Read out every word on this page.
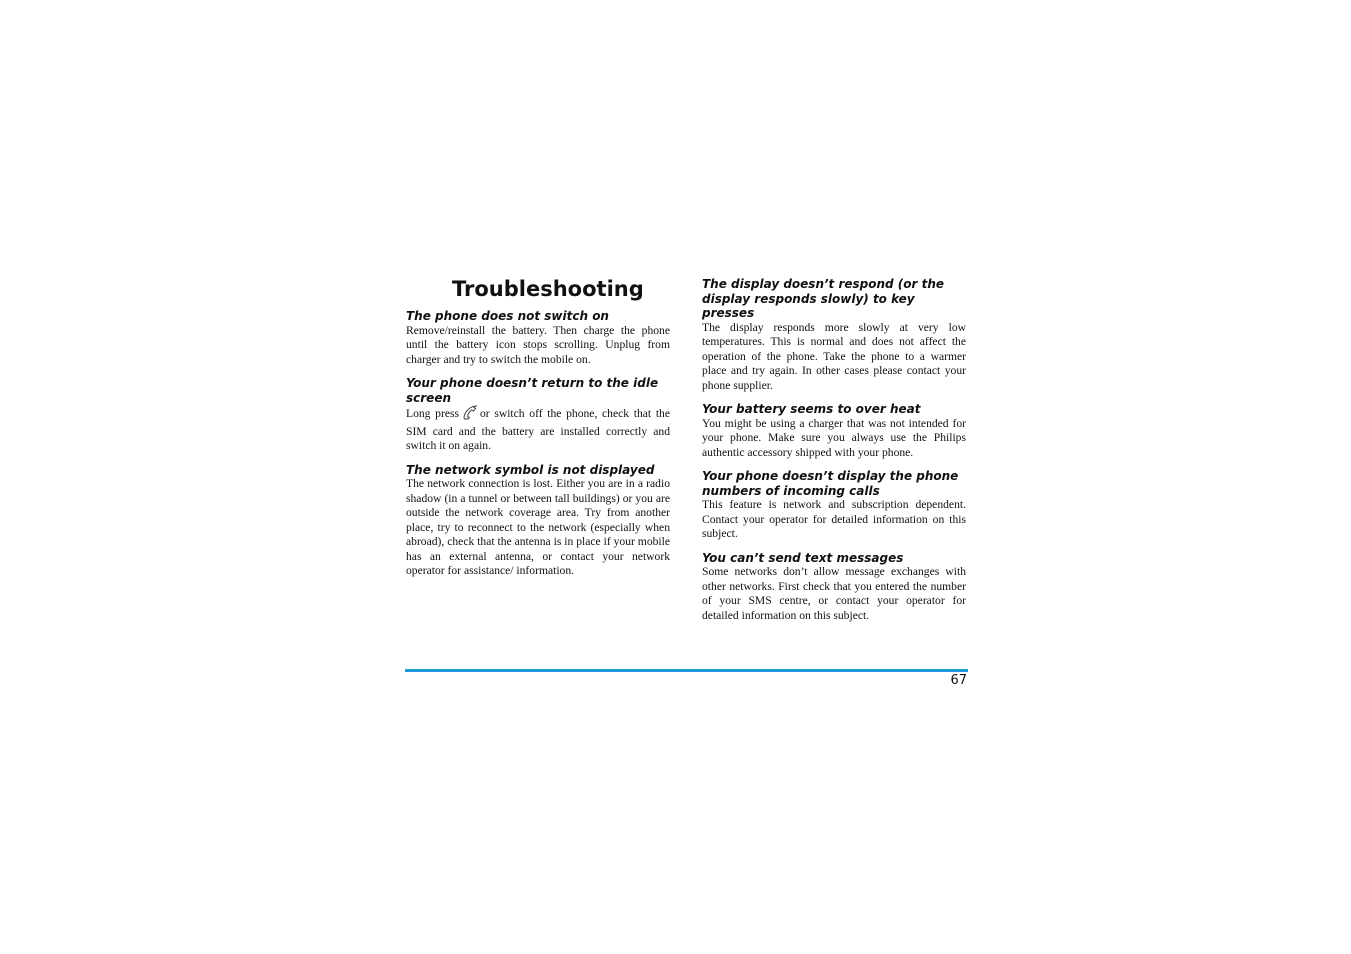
Troubleshooting

The phone does not switch on

Remove/reinstall the battery. Then charge the phone until the battery icon stops scrolling. Unplug from charger and try to switch the mobile on.

Your phone doesn’t return to the idle screen

Long press or switch off the phone, check that the SIM card and the battery are installed correctly and switch it on again.

The network symbol is not displayed

The network connection is lost. Either you are in a radio shadow (in a tunnel or between tall buildings) or you are outside the network coverage area. Try from another place, try to reconnect to the network (especially when abroad), check that the antenna is in place if your mobile has an external antenna, or contact your network operator for assistance/ information.

The display doesn’t respond (or the display responds slowly) to key presses

The display responds more slowly at very low temperatures. This is normal and does not affect the operation of the phone. Take the phone to a warmer place and try again. In other cases please contact your phone supplier.

Your battery seems to over heat

You might be using a charger that was not intended for your phone. Make sure you always use the Philips authentic accessory shipped with your phone.

Your phone doesn’t display the phone numbers of incoming calls

This feature is network and subscription dependent. Contact your operator for detailed information on this subject.

You can’t send text messages

Some networks don’t allow message exchanges with other networks. First check that you entered the number of your SMS centre, or contact your operator for detailed information on this subject.

67
